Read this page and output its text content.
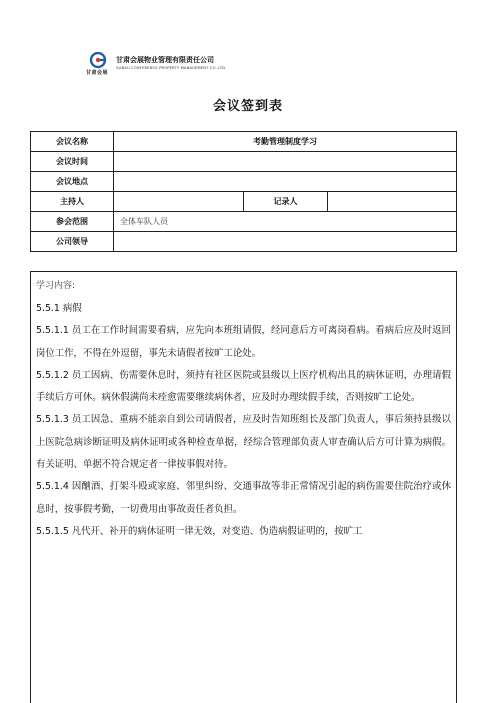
甘肃会展
甘肃会展物业管理有限责任公司
GANSU CONFERENCE PROPERTY MANAGEMENT CO.,LTD.
会议签到表
会议名称	考勤管理制度学习		
会议时间			
会议地点			
主持人		记录人	
参会范围	全体车队人员		
公司领导			
学习内容:

5.5.1 病假

5.5.1.1 员工在工作时间需要看病，应先向本班组请假，经同意后方可离岗看病。看病后应及时返回岗位工作，不得在外逗留，事先未请假者按旷工论处。

5.5.1.2 员工因病、伤需要休息时，须持有社区医院或县级以上医疗机构出具的病休证明，办理请假手续后方可休。病休假满尚未痊愈需要继续病休者，应及时办理续假手续，否则按旷工论处。

5.5.1.3 员工因急、重病不能亲自到公司请假者，应及时告知班组长及部门负责人，事后须持县级以上医院急病诊断证明及病休证明或各种检查单据，经综合管理部负责人审查确认后方可计算为病假。有关证明、单据不符合规定者一律按事假对待。

5.5.1.4 因酗酒、打架斗殴或家庭、邻里纠纷、交通事故等非正常情况引起的病伤需要住院治疗或休息时，按事假考勤，一切费用由事故责任者负担。

5.5.1.5 凡代开、补开的病休证明一律无效，对变造、伪造病假证明的，按旷工
